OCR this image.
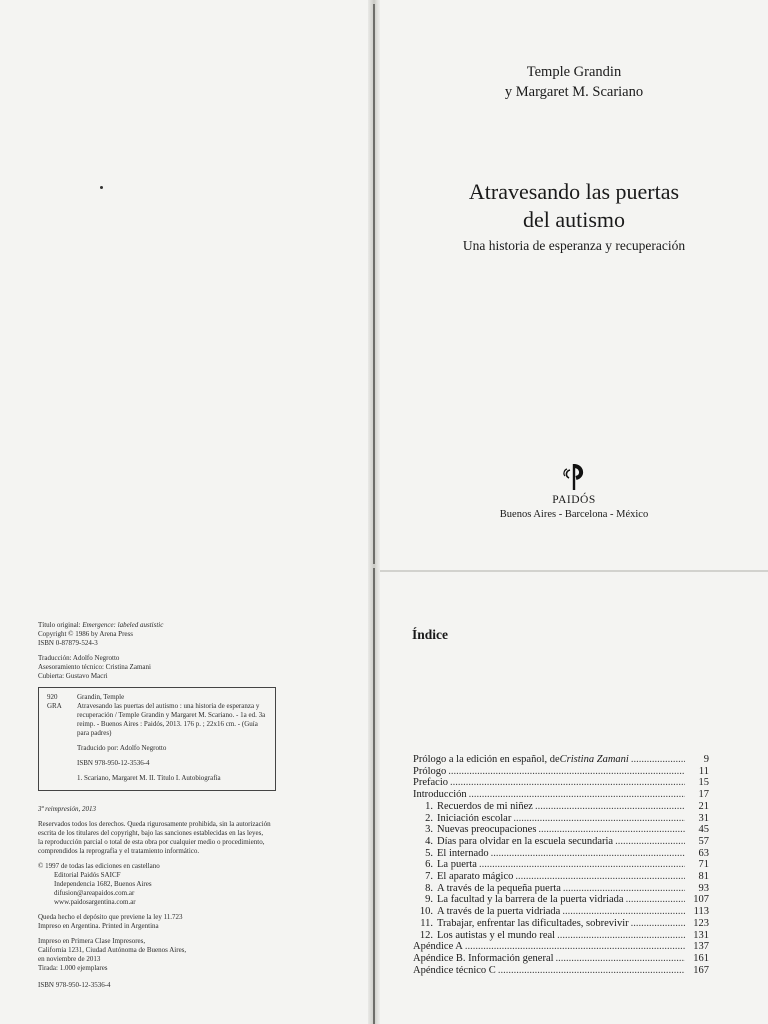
Temple Grandin
y Margaret M. Scariano
Atravesando las puertas
del autismo
Una historia de esperanza y recuperación
PAIDÓS
Buenos Aires - Barcelona - México
Título original: Emergence: labeled austistic
Copyright © 1986 by Arena Press
ISBN 0-87879-524-3
Traducción: Adolfo Negrotto
Asesoramiento técnico: Cristina Zamani
Cubierta: Gustavo Macri
920	Grandin, Temple
GRA	Atravesando las puertas del autismo : una historia de esperanza y recuperación / Temple Grandin y Margaret M. Scariano. - 1a ed. 3a reimp. - Buenos Aires : Paidós, 2013. 176 p. ; 22x16 cm. - (Guía para padres)
Traducido por: Adolfo Negrotto
ISBN 978-950-12-3536-4
1. Scariano, Margaret M. II. Título I. Autobiografía
3ª reimpresión, 2013
Reservados todos los derechos. Queda rigurosamente prohibida, sin la autorización
escrita de los titulares del copyright, bajo las sanciones establecidas en las leyes,
la reproducción parcial o total de esta obra por cualquier medio o procedimiento,
comprendidos la reprografía y el tratamiento informático.
© 1997 de todas las ediciones en castellano
Editorial Paidós SAICF
Independencia 1682, Buenos Aires
difusion@areapaidos.com.ar
www.paidosargentina.com.ar
Queda hecho el depósito que previene la ley 11.723
Impreso en Argentina. Printed in Argentina
Impreso en Primera Clase Impresores,
California 1231, Ciudad Autónoma de Buenos Aires,
en noviembre de 2013
Tirada: 1.000 ejemplares
ISBN 978-950-12-3536-4
Índice
Prólogo a la edición en español, de Cristina Zamani .....	9
Prólogo .....	11
Prefacio .....	15
Introducción .....	17
1. Recuerdos de mi niñez .....	21
2. Iniciación escolar .....	31
3. Nuevas preocupaciones .....	45
4. Días para olvidar en la escuela secundaria .....	57
5. El internado .....	63
6. La puerta .....	71
7. El aparato mágico .....	81
8. A través de la pequeña puerta .....	93
9. La facultad y la barrera de la puerta vidriada .....	107
10. A través de la puerta vidriada .....	113
11. Trabajar, enfrentar las dificultades, sobrevivir .....	123
12. Los autistas y el mundo real .....	131
Apéndice A .....	137
Apéndice B. Información general .....	161
Apéndice técnico C .....	167
